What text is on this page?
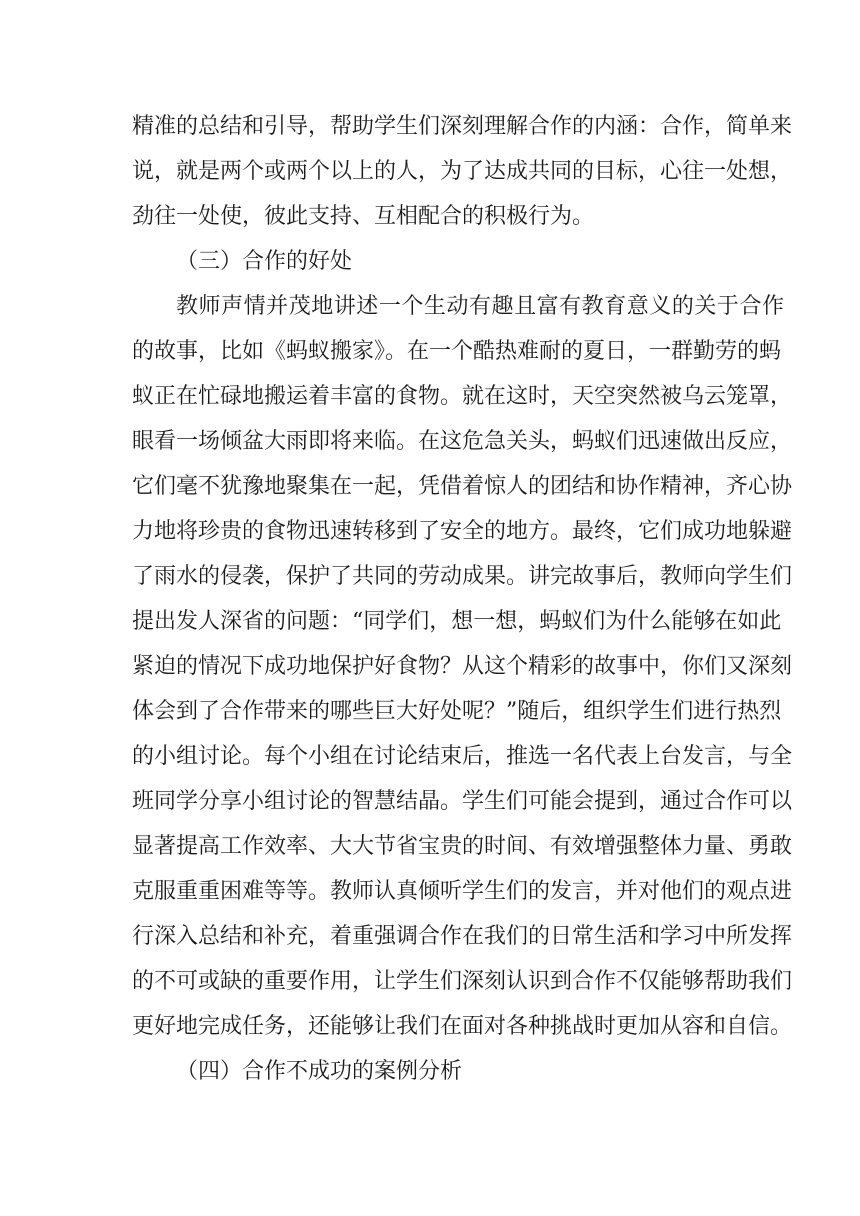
精准的总结和引导，帮助学生们深刻理解合作的内涵：合作，简单来
说，就是两个或两个以上的人，为了达成共同的目标，心往一处想，
劲往一处使，彼此支持、互相配合的积极行为。
（三）合作的好处
教师声情并茂地讲述一个生动有趣且富有教育意义的关于合作
的故事，比如《蚂蚁搬家》。在一个酷热难耐的夏日，一群勤劳的蚂
蚁正在忙碌地搬运着丰富的食物。就在这时，天空突然被乌云笼罩，
眼看一场倾盆大雨即将来临。在这危急关头，蚂蚁们迅速做出反应，
它们毫不犹豫地聚集在一起，凭借着惊人的团结和协作精神，齐心协
力地将珍贵的食物迅速转移到了安全的地方。最终，它们成功地躲避
了雨水的侵袭，保护了共同的劳动成果。讲完故事后，教师向学生们
提出发人深省的问题：“同学们，想一想，蚂蚁们为什么能够在如此
紧迫的情况下成功地保护好食物？从这个精彩的故事中，你们又深刻
体会到了合作带来的哪些巨大好处呢？”随后，组织学生们进行热烈
的小组讨论。每个小组在讨论结束后，推选一名代表上台发言，与全
班同学分享小组讨论的智慧结晶。学生们可能会提到，通过合作可以
显著提高工作效率、大大节省宝贵的时间、有效增强整体力量、勇敢
克服重重困难等等。教师认真倾听学生们的发言，并对他们的观点进
行深入总结和补充，着重强调合作在我们的日常生活和学习中所发挥
的不可或缺的重要作用，让学生们深刻认识到合作不仅能够帮助我们
更好地完成任务，还能够让我们在面对各种挑战时更加从容和自信。
（四）合作不成功的案例分析
